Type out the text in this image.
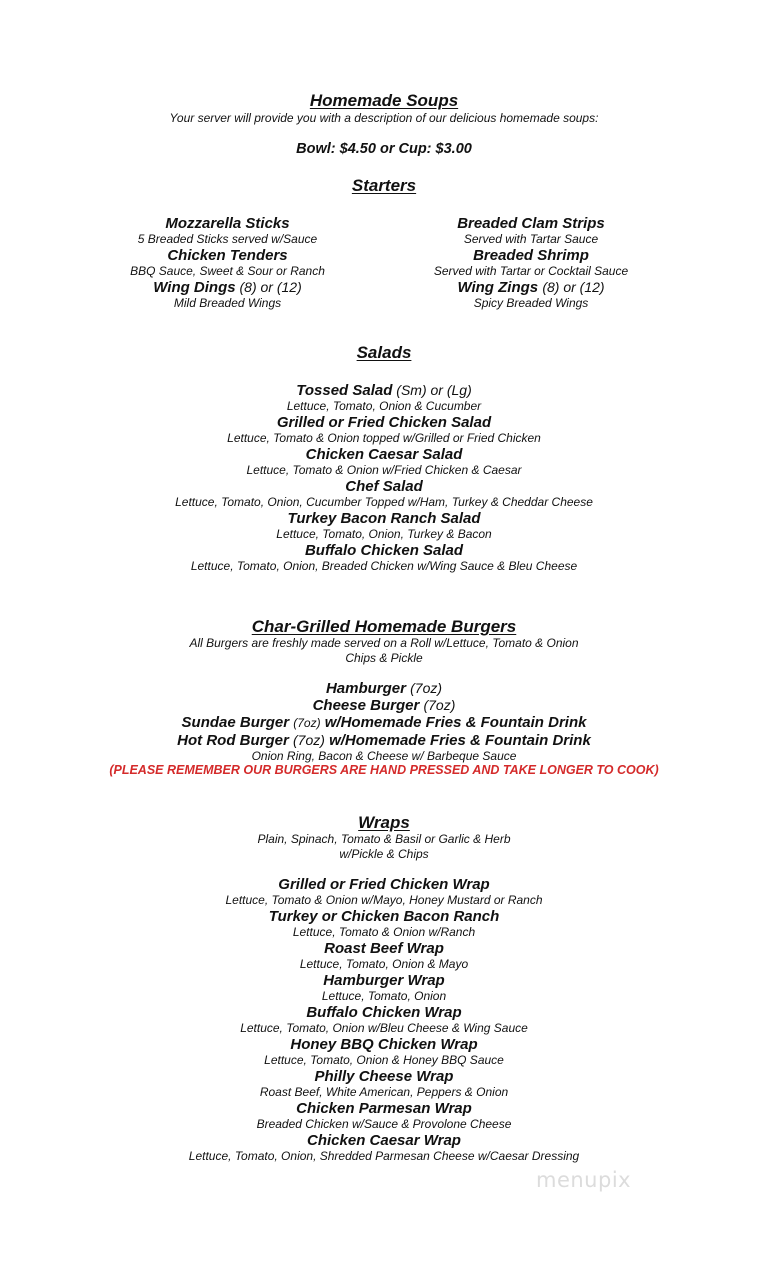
Homemade Soups
Your server will provide you with a description of our delicious homemade soups:
Bowl: $4.50 or Cup: $3.00
Starters
Mozzarella Sticks
5 Breaded Sticks served w/Sauce
Chicken Tenders
BBQ Sauce, Sweet & Sour or Ranch
Wing Dings (8) or (12)
Mild Breaded Wings
Breaded Clam Strips
Served with Tartar Sauce
Breaded Shrimp
Served with Tartar or Cocktail Sauce
Wing Zings (8) or (12)
Spicy Breaded Wings
Salads
Tossed Salad (Sm) or (Lg)
Lettuce, Tomato, Onion & Cucumber
Grilled or Fried Chicken Salad
Lettuce, Tomato & Onion topped w/Grilled or Fried Chicken
Chicken Caesar Salad
Lettuce, Tomato & Onion w/Fried Chicken & Caesar
Chef Salad
Lettuce, Tomato, Onion, Cucumber Topped w/Ham, Turkey & Cheddar Cheese
Turkey Bacon Ranch Salad
Lettuce, Tomato, Onion, Turkey & Bacon
Buffalo Chicken Salad
Lettuce, Tomato, Onion, Breaded Chicken w/Wing Sauce & Bleu Cheese
Char-Grilled Homemade Burgers
All Burgers are freshly made served on a Roll w/Lettuce, Tomato & Onion
Chips & Pickle
Hamburger (7oz)
Cheese Burger (7oz)
Sundae Burger (7oz) w/Homemade Fries & Fountain Drink
Hot Rod Burger (7oz) w/Homemade Fries & Fountain Drink
Onion Ring, Bacon & Cheese w/ Barbeque Sauce
(PLEASE REMEMBER OUR BURGERS ARE HAND PRESSED AND TAKE LONGER TO COOK)
Wraps
Plain, Spinach, Tomato & Basil or Garlic & Herb
w/Pickle & Chips
Grilled or Fried Chicken Wrap
Lettuce, Tomato & Onion w/Mayo, Honey Mustard or Ranch
Turkey or Chicken Bacon Ranch
Lettuce, Tomato & Onion w/Ranch
Roast Beef Wrap
Lettuce, Tomato, Onion & Mayo
Hamburger Wrap
Lettuce, Tomato, Onion
Buffalo Chicken Wrap
Lettuce, Tomato, Onion w/Bleu Cheese & Wing Sauce
Honey BBQ Chicken Wrap
Lettuce, Tomato, Onion & Honey BBQ Sauce
Philly Cheese Wrap
Roast Beef, White American, Peppers & Onion
Chicken Parmesan Wrap
Breaded Chicken w/Sauce & Provolone Cheese
Chicken Caesar Wrap
Lettuce, Tomato, Onion, Shredded Parmesan Cheese w/Caesar Dressing
menupix
